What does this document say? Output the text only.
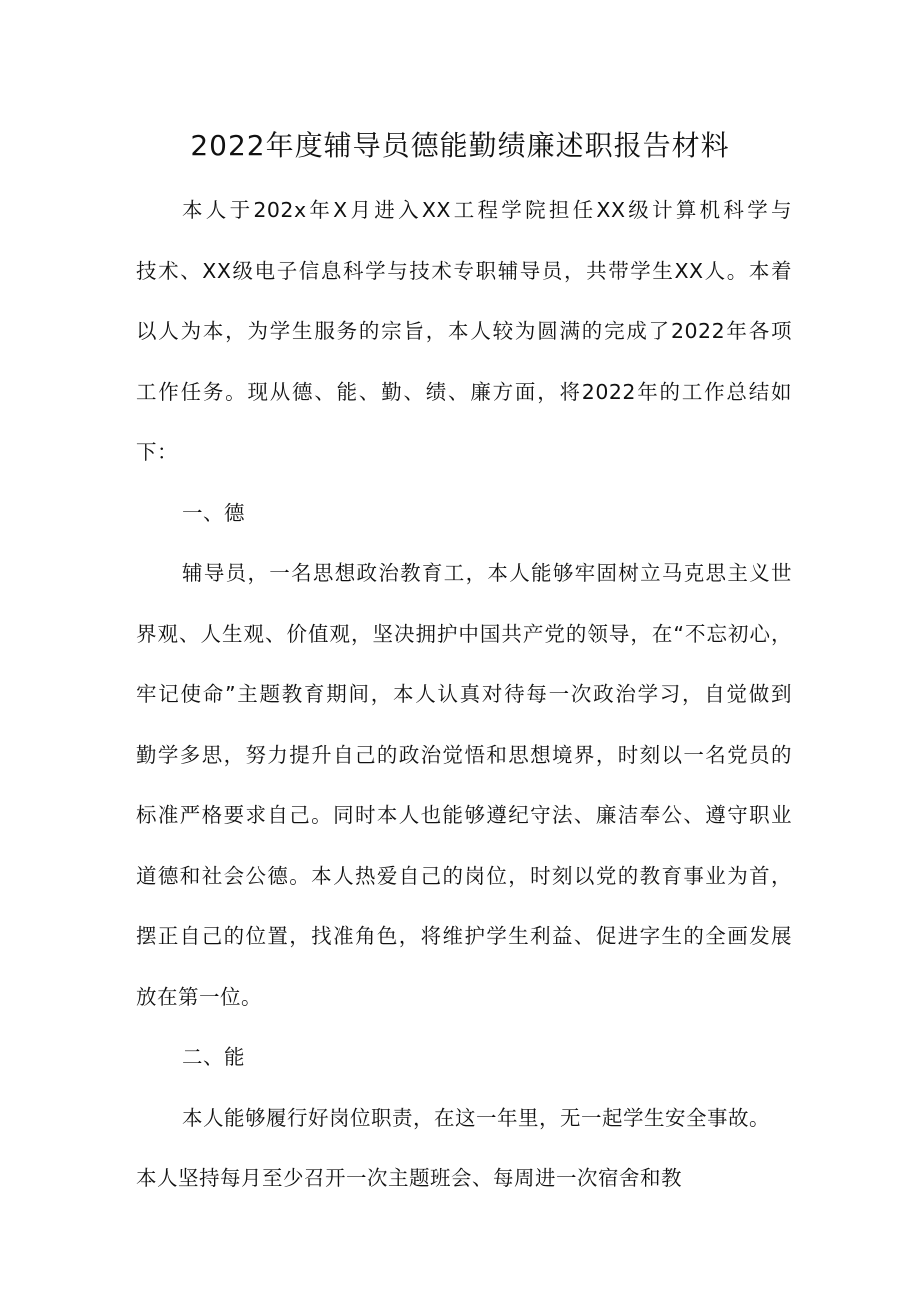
2022年度辅导员德能勤绩廉述职报告材料
本人于202x年X月进入XX工程学院担任XX级计算机科学与
技术、XX级电子信息科学与技术专职辅导员，共带学生XX人。本着
以人为本，为学生服务的宗旨，本人较为圆满的完成了2022年各项
工作任务。现从德、能、勤、绩、廉方面，将2022年的工作总结如
下：
一、德
辅导员，一名思想政治教育工，本人能够牢固树立马克思主义世
界观、人生观、价值观，坚决拥护中国共产党的领导，在“不忘初心，
牢记使命”主题教育期间，本人认真对待每一次政治学习，自觉做到
勤学多思，努力提升自己的政治觉悟和思想境界，时刻以一名党员的
标准严格要求自己。同时本人也能够遵纪守法、廉洁奉公、遵守职业
道德和社会公德。本人热爱自己的岗位，时刻以党的教育事业为首，
摆正自己的位置，找准角色，将维护学生利益、促进字生的全画发展
放在第一位。
二、能
本人能够履行好岗位职责，在这一年里，无一起学生安全事故。
本人坚持每月至少召开一次主题班会、每周进一次宿舍和教
